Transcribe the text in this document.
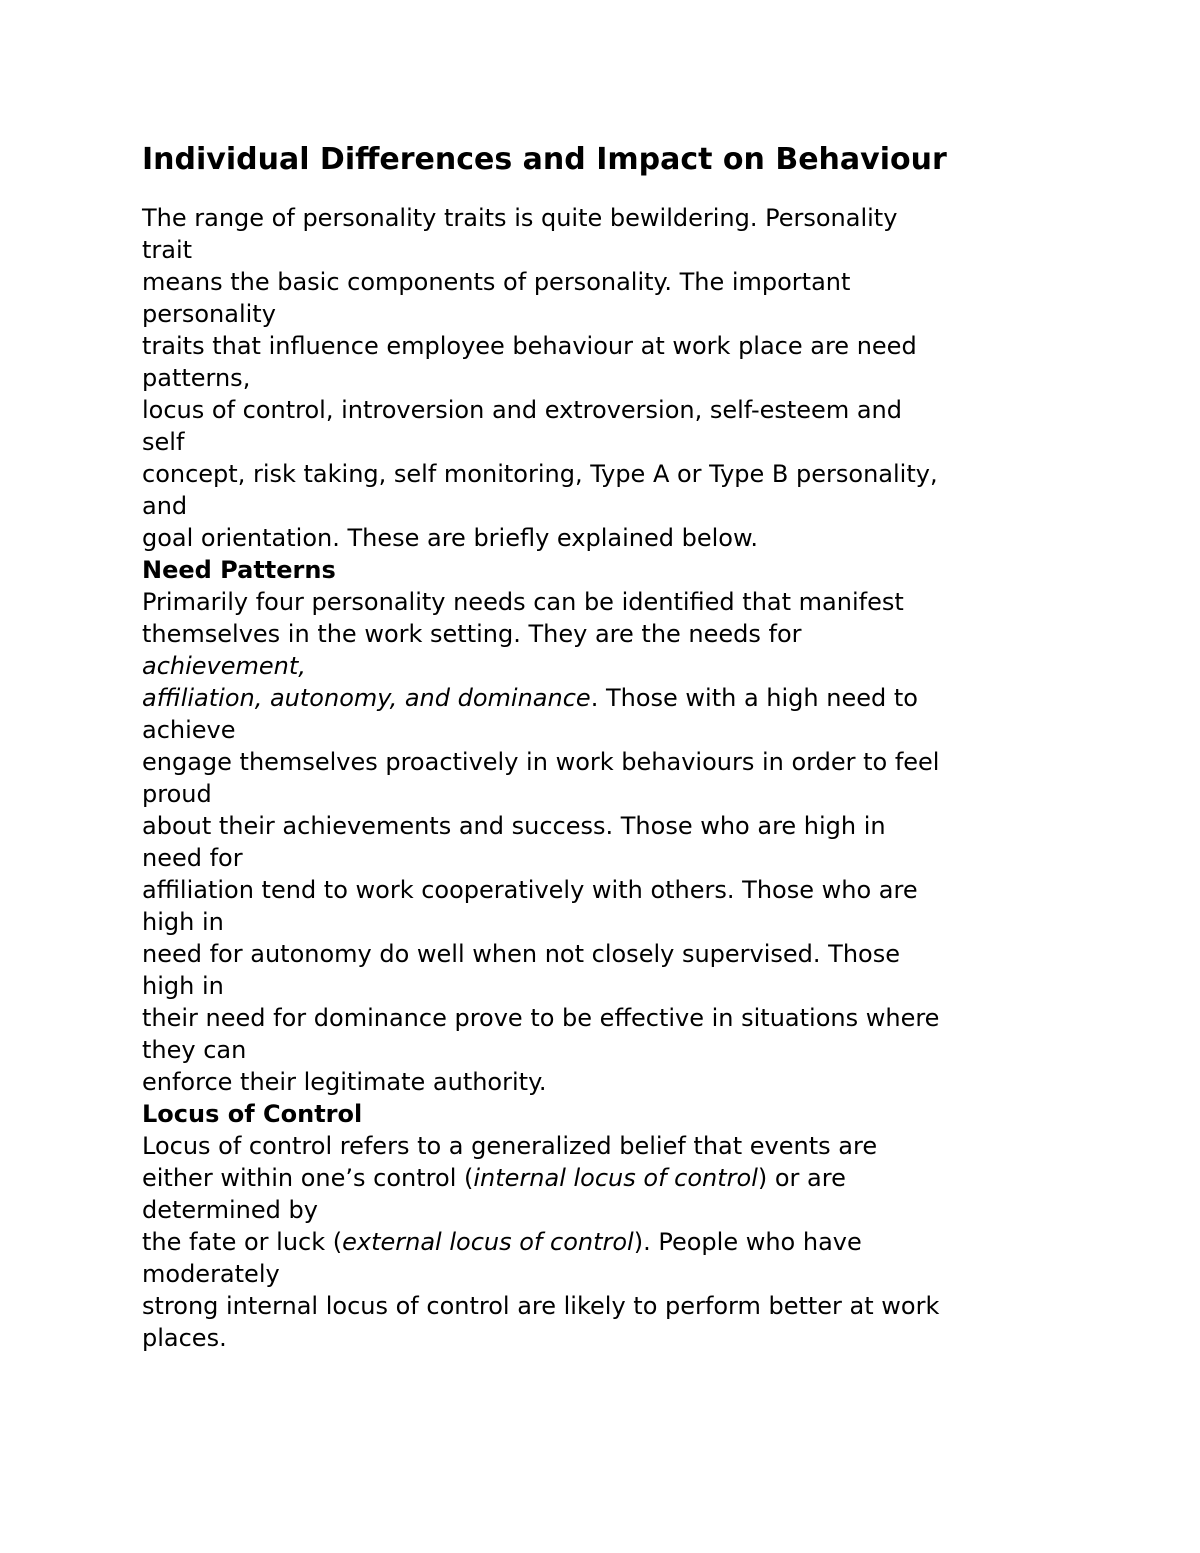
Individual Differences and Impact on Behaviour
The range of personality traits is quite bewildering. Personality
trait
means the basic components of personality. The important
personality
traits that influence employee behaviour at work place are need
patterns,
locus of control, introversion and extroversion, self-esteem and
self
concept, risk taking, self monitoring, Type A or Type B personality,
and
goal orientation. These are briefly explained below.
Need Patterns
Primarily four personality needs can be identified that manifest
themselves in the work setting. They are the needs for
achievement,
affiliation, autonomy, and dominance. Those with a high need to
achieve
engage themselves proactively in work behaviours in order to feel
proud
about their achievements and success. Those who are high in
need for
affiliation tend to work cooperatively with others. Those who are
high in
need for autonomy do well when not closely supervised. Those
high in
their need for dominance prove to be effective in situations where
they can
enforce their legitimate authority.
Locus of Control
Locus of control refers to a generalized belief that events are
either within one’s control (internal locus of control) or are
determined by
the fate or luck (external locus of control). People who have
moderately
strong internal locus of control are likely to perform better at work
places.
